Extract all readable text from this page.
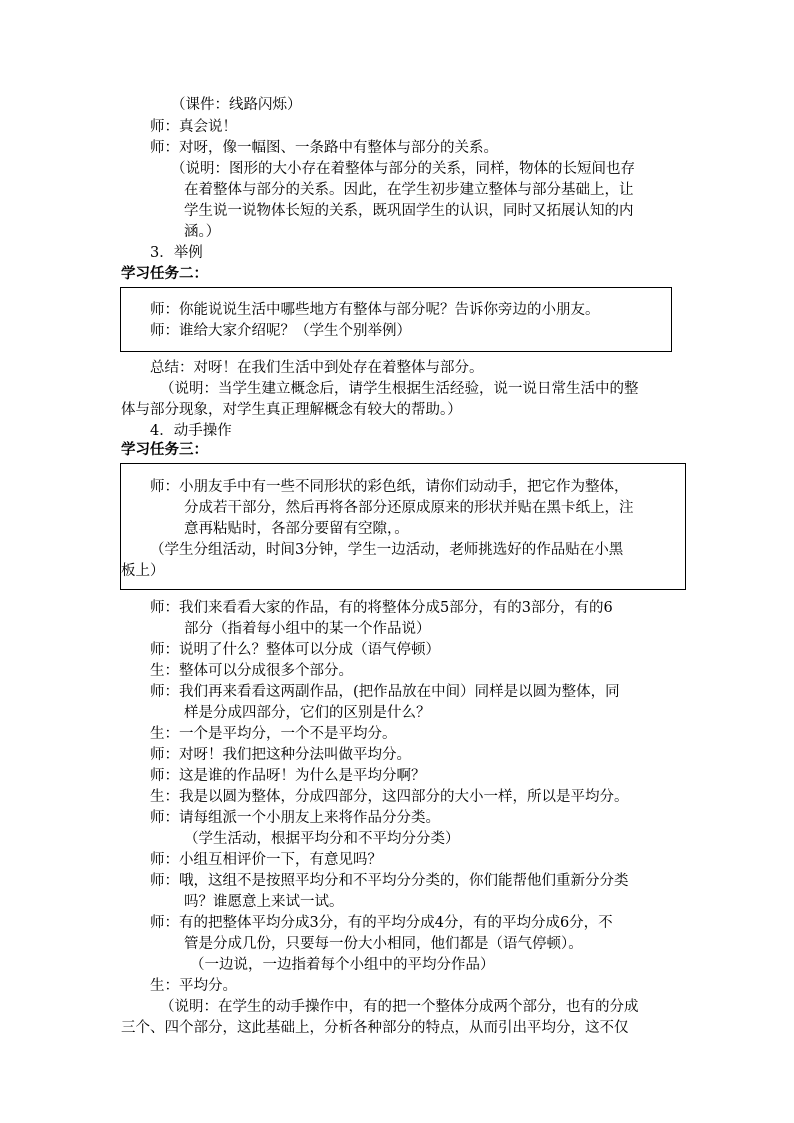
（课件：线路闪烁）
师：真会说！
师：对呀，像一幅图、一条路中有整体与部分的关系。
（说明：图形的大小存在着整体与部分的关系，同样，物体的长短间也存
在着整体与部分的关系。因此，在学生初步建立整体与部分基础上，让
学生说一说物体长短的关系，既巩固学生的认识，同时又拓展认知的内
涵。）
3．举例
学习任务二：
师：你能说说生活中哪些地方有整体与部分呢？告诉你旁边的小朋友。
师：谁给大家介绍呢？（学生个别举例）
总结：对呀！在我们生活中到处存在着整体与部分。
（说明：当学生建立概念后，请学生根据生活经验，说一说日常生活中的整
体与部分现象，对学生真正理解概念有较大的帮助。）
4．动手操作
学习任务三：
师：小朋友手中有一些不同形状的彩色纸，请你们动动手，把它作为整体，
分成若干部分，然后再将各部分还原成原来的形状并贴在黑卡纸上，注
意再粘贴时，各部分要留有空隙，。
（学生分组活动，时间3分钟，学生一边活动，老师挑选好的作品贴在小黑
板上）
师：我们来看看大家的作品，有的将整体分成5部分，有的3部分，有的6
部分（指着每小组中的某一个作品说）
师：说明了什么？整体可以分成（语气停顿）
生：整体可以分成很多个部分。
师：我们再来看看这两副作品，(把作品放在中间）同样是以圆为整体，同
样是分成四部分，它们的区别是什么？
生：一个是平均分，一个不是平均分。
师：对呀！我们把这种分法叫做平均分。
师：这是谁的作品呀！为什么是平均分啊？
生：我是以圆为整体，分成四部分，这四部分的大小一样，所以是平均分。
师：请每组派一个小朋友上来将作品分分类。
（学生活动，根据平均分和不平均分分类）
师：小组互相评价一下，有意见吗？
师：哦，这组不是按照平均分和不平均分分类的，你们能帮他们重新分分类
吗？谁愿意上来试一试。
师：有的把整体平均分成3分，有的平均分成4分，有的平均分成6分，不
管是分成几份，只要每一份大小相同，他们都是（语气停顿）。
（一边说，一边指着每个小组中的平均分作品）
生：平均分。
（说明：在学生的动手操作中，有的把一个整体分成两个部分，也有的分成
三个、四个部分，这此基础上，分析各种部分的特点，从而引出平均分，这不仅
